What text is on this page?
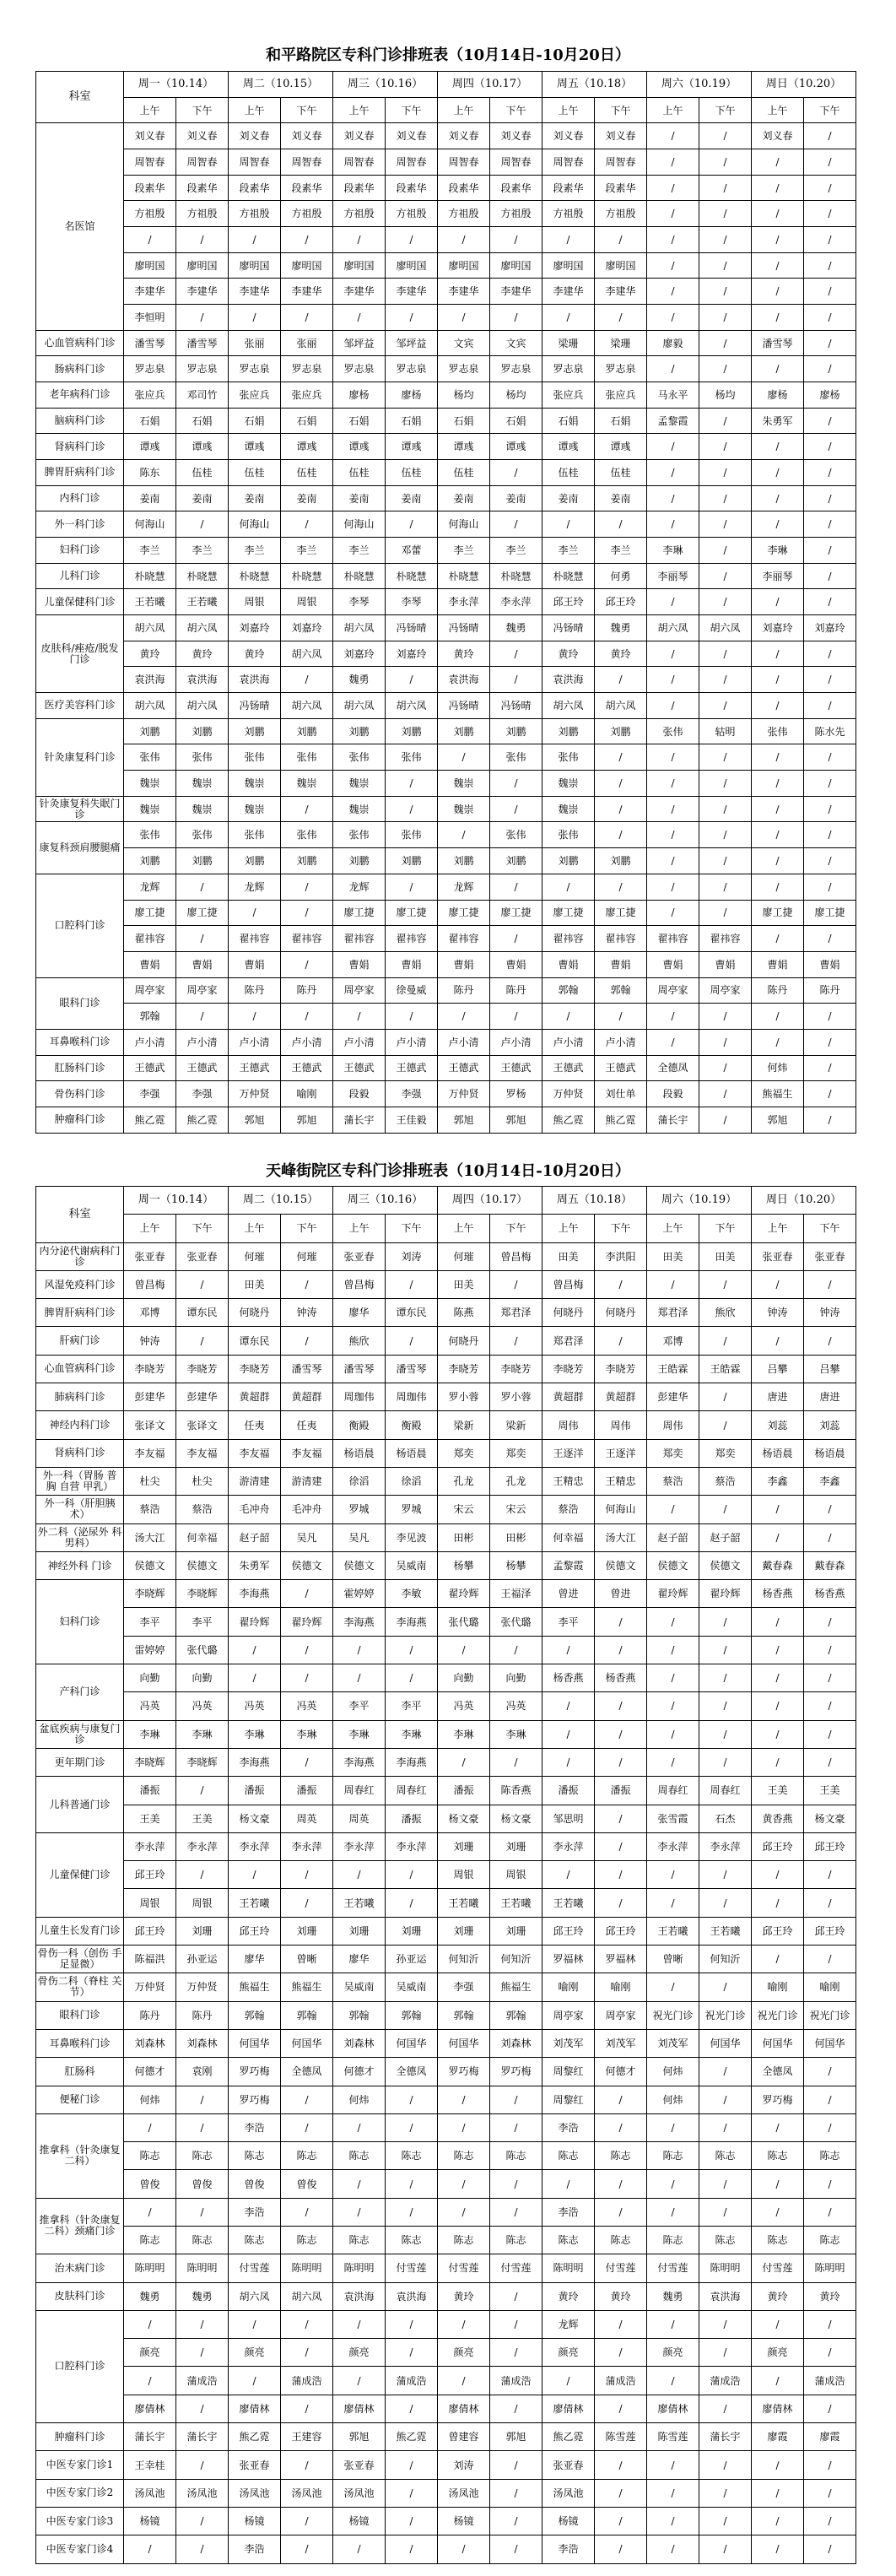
和平路院区专科门诊排班表（10月14日-10月20日）
科室	周一（10.14）		周二（10.15）		周三（10.16）		周四（10.17）		周五（10.18）		周六（10.19）		周日（10.20）	
	上午	下午	上午	下午	上午	下午	上午	下午	上午	下午	上午	下午	上午	下午
名医馆	刘义春	刘义春	刘义春	刘义春	刘义春	刘义春	刘义春	刘义春	刘义春	刘义春	/	/	刘义春	/
	周智春	周智春	周智春	周智春	周智春	周智春	周智春	周智春	周智春	周智春	/	/	/	/
	段素华	段素华	段素华	段素华	段素华	段素华	段素华	段素华	段素华	段素华	/	/	/	/
	方祖殷	方祖殷	方祖殷	方祖殷	方祖殷	方祖殷	方祖殷	方祖殷	方祖殷	方祖殷	/	/	/	/
	/	/	/	/	/	/	/	/	/	/	/	/	/	/
	廖明国	廖明国	廖明国	廖明国	廖明国	廖明国	廖明国	廖明国	廖明国	廖明国	/	/	/	/
	李建华	李建华	李建华	李建华	李建华	李建华	李建华	李建华	李建华	李建华	/	/	/	/
	李恒明	/	/	/	/	/	/	/	/	/	/	/	/	/
心血管病科门诊	潘雪琴	潘雪琴	张丽	张丽	邹坪益	邹坪益	文宾	文宾	梁珊	梁珊	廖毅	/	潘雪琴	/
肠病科门诊	罗志泉	罗志泉	罗志泉	罗志泉	罗志泉	罗志泉	罗志泉	罗志泉	罗志泉	罗志泉	/	/	/	/
老年病科门诊	张应兵	邓司竹	张应兵	张应兵	廖杨	廖杨	杨均	杨均	张应兵	张应兵	马永平	杨均	廖杨	廖杨
脑病科门诊	石娟	石娟	石娟	石娟	石娟	石娟	石娟	石娟	石娟	石娟	孟黎霞	/	朱勇军	/
肾病科门诊	谭彧	谭彧	谭彧	谭彧	谭彧	谭彧	谭彧	谭彧	谭彧	谭彧	/	/	/	/
脾胃肝病科门诊	陈东	伍桂	伍桂	伍桂	伍桂	伍桂	伍桂	/	伍桂	伍桂	/	/	/	/
内科门诊	姜南	姜南	姜南	姜南	姜南	姜南	姜南	姜南	姜南	姜南	/	/	/	/
外一科门诊	何海山	/	何海山	/	何海山	/	何海山	/	/	/	/	/	/	/
妇科门诊	李兰	李兰	李兰	李兰	李兰	邓蕾	李兰	李兰	李兰	李兰	李琳	/	李琳	/
儿科门诊	朴晓慧	朴晓慧	朴晓慧	朴晓慧	朴晓慧	朴晓慧	朴晓慧	朴晓慧	朴晓慧	何勇	李丽琴	/	李丽琴	/
儿童保健科门诊	王若曦	王若曦	周银	周银	李琴	李琴	李永萍	李永萍	邱王玲	邱王玲	/	/	/	/
皮肤科/痤疮/脱发门诊	胡六凤	胡六凤	刘嘉玲	刘嘉玲	胡六凤	冯钖晴	冯钖晴	魏勇	冯钖晴	魏勇	胡六凤	胡六凤	刘嘉玲	刘嘉玲
	黄玲	黄玲	黄玲	胡六凤	刘嘉玲	刘嘉玲	黄玲	/	黄玲	黄玲	/	/	/	/
	袁洪海	袁洪海	袁洪海	/	魏勇	/	袁洪海	/	袁洪海	/	/	/	/	/
医疗美容科门诊	胡六凤	胡六凤	冯钖晴	胡六凤	胡六凤	胡六凤	冯钖晴	冯钖晴	胡六凤	胡六凤	/	/	/	/
针灸康复科门诊	刘鹏	刘鹏	刘鹏	刘鹏	刘鹏	刘鹏	刘鹏	刘鹏	刘鹏	刘鹏	张伟	轱明	张伟	陈水先
	张伟	张伟	张伟	张伟	张伟	张伟	/	张伟	张伟	/	/	/	/	/
	魏崇	魏崇	魏崇	魏崇	魏崇	/	魏崇	/	魏崇	/	/	/	/	/
针灸康复科失眠门诊	魏崇	魏崇	魏崇	/	魏崇	/	魏崇	/	魏崇	/	/	/	/	/
康复科颈肩腰腿痛	张伟	张伟	张伟	张伟	张伟	张伟	/	张伟	张伟	/	/	/	/	/
	刘鹏	刘鹏	刘鹏	刘鹏	刘鹏	刘鹏	刘鹏	刘鹏	刘鹏	刘鹏	/	/	/	/
口腔科门诊	龙辉	/	龙辉	/	龙辉	/	龙辉	/	/	/	/	/	/	/
	廖工捷	廖工捷	/	/	廖工捷	廖工捷	廖工捷	廖工捷	廖工捷	廖工捷	/	/	廖工捷	廖工捷
	翟祎容	/	翟祎容	翟祎容	翟祎容	翟祎容	翟祎容	/	翟祎容	翟祎容	翟祎容	翟祎容	/	/
	曹娟	曹娟	曹娟	/	曹娟	曹娟	曹娟	曹娟	曹娟	曹娟	曹娟	曹娟	曹娟	曹娟
眼科门诊	周亭家	周亭家	陈丹	陈丹	周亭家	徐曼威	陈丹	陈丹	郭翰	郭翰	周亭家	周亭家	陈丹	陈丹
	郭翰	/	/	/	/	/	/	/	/	/	/	/	/	/
耳鼻喉科门诊	卢小清	卢小清	卢小清	卢小清	卢小清	卢小清	卢小清	卢小清	卢小清	卢小清	/	/	/	/
肛肠科门诊	王德武	王德武	王德武	王德武	王德武	王德武	王德武	王德武	王德武	王德武	全德凤	/	何炜	/
骨伤科门诊	李强	李强	万仲贤	喻刚	段毅	李强	万仲贤	罗杨	万仲贤	刘仕单	段毅	/	熊福生	/
肿瘤科门诊	熊乙霓	熊乙霓	郭旭	郭旭	蒲长宇	王佳毅	郭旭	郭旭	熊乙霓	熊乙霓	蒲长宇	/	郭旭	/
天峰街院区专科门诊排班表（10月14日-10月20日）
科室	周一（10.14）		周二（10.15）		周三（10.16）		周四（10.17）		周五（10.18）		周六（10.19）		周日（10.20）	
	上午	下午	上午	下午	上午	下午	上午	下午	上午	下午	上午	下午	上午	下午
内分泌代谢病科门诊	张亚春	张亚春	何璀	何璀	张亚春	刘涛	何璀	曾昌梅	田美	李洪阳	田美	田美	张亚春	张亚春
风湿免疫科门诊	曾昌梅	/	田美	/	曾昌梅	/	田美	/	曾昌梅	/	/	/	/	/
脾胃肝病科门诊	邓博	谭东民	何晓丹	钟涛	廖华	谭东民	陈燕	郑君泽	何晓丹	何晓丹	郑君泽	熊欣	钟涛	钟涛
肝病门诊	钟涛	/	谭东民	/	熊欣	/	何晓丹	/	郑君泽	/	邓博	/	/	/
心血管病科门诊	李晓芳	李晓芳	李晓芳	潘雪琴	潘雪琴	潘雪琴	李晓芳	李晓芳	李晓芳	李晓芳	王皓霖	王皓霖	吕攀	吕攀
肺病科门诊	彭建华	彭建华	黄超群	黄超群	周珈伟	周珈伟	罗小蓉	罗小蓉	黄超群	黄超群	彭建华	/	唐进	唐进
神经内科门诊	张译文	张译文	任夷	任夷	衡殿	衡殿	梁新	梁新	周伟	周伟	周伟	/	刘蕊	刘蕊
肾病科门诊	李友福	李友福	李友福	李友福	杨语晨	杨语晨	郑奕	郑奕	王逐洋	王逐洋	郑奕	郑奕	杨语晨	杨语晨
外一科（胃肠 普 胸 自营 甲乳）	杜尖	杜尖	游清建	游清建	徐滔	徐滔	孔龙	孔龙	王精忠	王精忠	蔡浩	蔡浩	李鑫	李鑫
外一科（肝胆胰 术）	蔡浩	蔡浩	毛冲舟	毛冲舟	罗城	罗城	宋云	宋云	蔡浩	何海山	/	/	/	/
外二科（泌尿外 科 男科）	汤大江	何幸福	赵子韶	吴凡	吴凡	李见波	田彬	田彬	何幸福	汤大江	赵子韶	赵子韶	/	/
神经外科 门诊	侯德文	侯德文	朱勇军	侯德文	侯德文	吴威南	杨攀	杨攀	孟黎霞	侯德文	侯德文	侯德文	戴春森	戴春森
妇科门诊	李晓辉	李晓辉	李海燕	/	霍婷婷	李敏	翟玲辉	王福泽	曾进	曾进	翟玲辉	翟玲辉	杨香燕	杨香燕
	李平	李平	翟玲辉	翟玲辉	李海燕	李海燕	张代璐	张代璐	李平	/	/	/	/	/
	雷婷婷	张代璐	/	/	/	/	/	/	/	/	/	/	/	/
产科门诊	向勤	向勤	/	/	/	/	向勤	向勤	杨香燕	杨香燕	/	/	/	/
	冯英	冯英	冯英	冯英	李平	李平	冯英	冯英	/	/	/	/	/	/
盆底疾病与康复门诊	李琳	李琳	李琳	李琳	李琳	李琳	李琳	李琳	/	/	/	/	/	/
更年期门诊	李晓辉	李晓辉	李海燕	/	李海燕	李海燕	/	/	/	/	/	/	/	/
儿科普通门诊	潘振	/	潘振	潘振	周春红	周春红	潘振	陈香燕	潘振	潘振	周春红	周春红	王美	王美
	王美	王美	杨文豪	周英	周英	潘振	杨文豪	杨文豪	邹思明	/	张雪霞	石杰	黄香燕	杨文豪
儿童保健门诊	李永萍	李永萍	李永萍	李永萍	李永萍	李永萍	刘珊	刘珊	李永萍	/	李永萍	李永萍	邱王玲	邱王玲
	邱王玲	/	/	/	/	/	周银	周银	/	/	/	/	/	/
	周银	周银	王若曦	/	王若曦	/	王若曦	王若曦	王若曦	/	/	/	/	/
儿童生长发育门诊	邱王玲	刘珊	邱王玲	刘珊	刘珊	刘珊	刘珊	刘珊	邱王玲	邱王玲	王若曦	王若曦	邱王玲	邱王玲
骨伤一科（创伤 手足显微）	陈福洪	孙亚运	廖华	曾晰	廖华	孙亚运	何知沂	何知沂	罗福林	罗福林	曾晰	何知沂	/	/
骨伤二科（脊柱 关节）	万仲贤	万仲贤	熊福生	熊福生	吴威南	吴威南	李强	熊福生	喻刚	喻刚	/	/	喻刚	喻刚
眼科门诊	陈丹	陈丹	郭翰	郭翰	郭翰	郭翰	郭翰	郭翰	周亭家	周亭家	祝光门诊	祝光门诊	祝光门诊	祝光门诊
耳鼻喉科门诊	刘森林	刘森林	何国华	何国华	刘森林	何国华	何国华	刘森林	刘茂军	刘茂军	刘茂军	何国华	何国华	何国华
肛肠科	何德才	袁刚	罗巧梅	全德凤	何德才	全德凤	罗巧梅	罗巧梅	周黎红	何德才	何炜	/	全德凤	/
便秘门诊	何炜	/	罗巧梅	/	何炜	/	/	/	周黎红	/	何炜	/	罗巧梅	/
推拿科（针灸康复二科）	/	/	李浩	/	/	/	/	/	李浩	/	/	/	/	/
	陈志	陈志	陈志	陈志	陈志	陈志	陈志	陈志	陈志	陈志	陈志	陈志	陈志	陈志
	曾俊	曾俊	曾俊	曾俊	/	/	/	/	/	/	/	/	/	/
推拿科（针灸康复二科）颈痛门诊	/	/	李浩	/	/	/	/	/	李浩	/	/	/	/	/
	陈志	陈志	陈志	陈志	陈志	陈志	陈志	陈志	陈志	陈志	陈志	陈志	陈志	陈志
治未病门诊	陈明明	陈明明	付雪莲	陈明明	陈明明	付雪莲	付雪莲	付雪莲	陈明明	付雪莲	付雪莲	陈明明	付雪莲	陈明明
皮肤科门诊	魏勇	魏勇	胡六凤	胡六凤	袁洪海	袁洪海	黄玲	/	黄玲	黄玲	魏勇	袁洪海	黄玲	黄玲
口腔科门诊	/	/	/	/	/	/	/	/	龙辉	/	/	/	/	/
	颜亮	/	颜亮	/	颜亮	/	颜亮	/	颜亮	/	颜亮	/	颜亮	/
	/	蒲成浩	/	蒲成浩	/	蒲成浩	/	蒲成浩	/	蒲成浩	/	蒲成浩	/	蒲成浩
	廖倩林	/	廖倩林	/	廖倩林	/	廖倩林	/	廖倩林	/	廖倩林	/	廖倩林	/
肿瘤科门诊	蒲长宇	蒲长宇	熊乙霓	王建容	郭旭	熊乙霓	曾建容	郭旭	熊乙霓	陈雪莲	陈雪莲	蒲长宇	廖霞	廖霞
中医专家门诊1	王幸桂	/	张亚春	/	张亚春	/	刘涛	/	张亚春	/	/	/	/	/
中医专家门诊2	汤凤池	汤凤池	汤凤池	汤凤池	汤凤池	/	汤凤池	/	汤凤池	/	/	/	/	/
中医专家门诊3	杨镜	/	杨镜	/	杨镜	/	杨镜	/	杨镜	/	/	/	/	/
中医专家门诊4	/	/	李浩	/	/	/	/	/	李浩	/	/	/	/	/
